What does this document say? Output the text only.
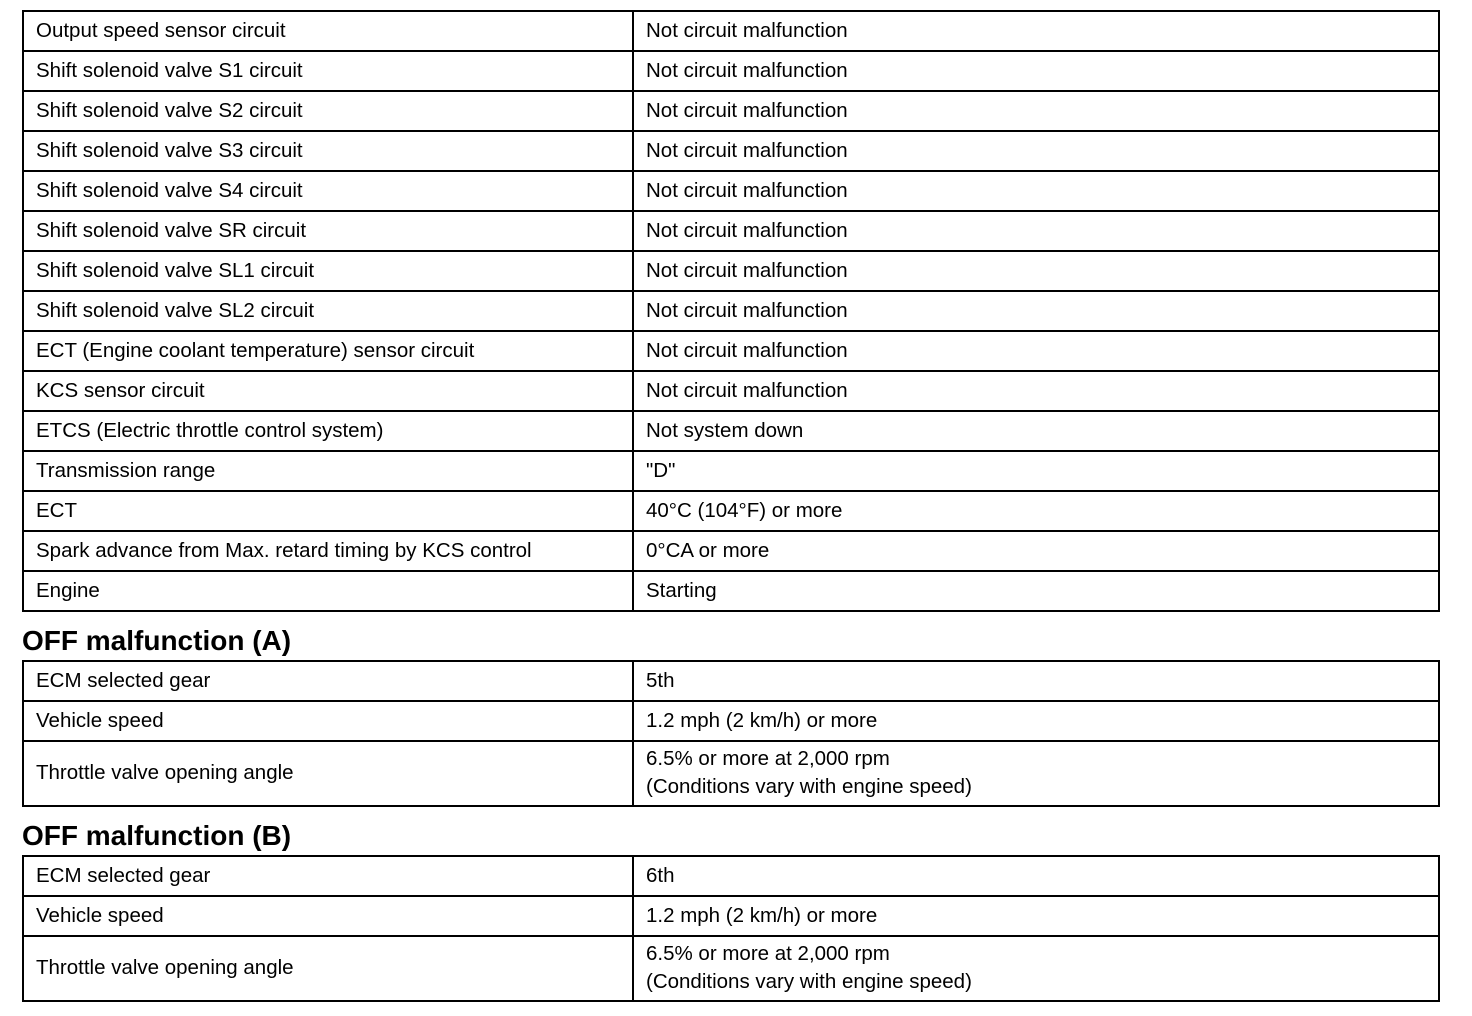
Output speed sensor circuit	Not circuit malfunction
Shift solenoid valve S1 circuit	Not circuit malfunction
Shift solenoid valve S2 circuit	Not circuit malfunction
Shift solenoid valve S3 circuit	Not circuit malfunction
Shift solenoid valve S4 circuit	Not circuit malfunction
Shift solenoid valve SR circuit	Not circuit malfunction
Shift solenoid valve SL1 circuit	Not circuit malfunction
Shift solenoid valve SL2 circuit	Not circuit malfunction
ECT (Engine coolant temperature) sensor circuit	Not circuit malfunction
KCS sensor circuit	Not circuit malfunction
ETCS (Electric throttle control system)	Not system down
Transmission range	"D"
ECT	40°C (104°F) or more
Spark advance from Max. retard timing by KCS control	0°CA or more
Engine	Starting
OFF malfunction (A)
ECM selected gear	5th
Vehicle speed	1.2 mph (2 km/h) or more
Throttle valve opening angle	6.5% or more at 2,000 rpm
(Conditions vary with engine speed)
OFF malfunction (B)
ECM selected gear	6th
Vehicle speed	1.2 mph (2 km/h) or more
Throttle valve opening angle	6.5% or more at 2,000 rpm
(Conditions vary with engine speed)
